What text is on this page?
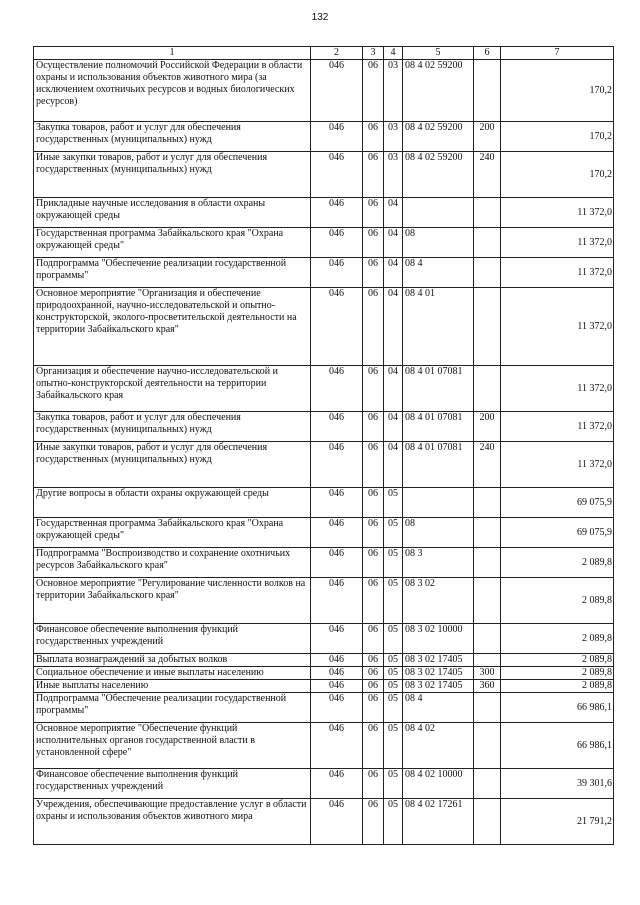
132
1	2	3	4	5	6	7
Осуществление полномочий Российской Федерации в области охраны и использования объектов животного мира (за исключением охотничьих ресурсов и водных биологических ресурсов)	046	06	03	08 4 02 59200		170,2
Закупка товаров, работ и услуг для обеспечения государственных (муниципальных) нужд	046	06	03	08 4 02 59200	200	170,2
Иные закупки товаров, работ и услуг для обеспечения государственных (муниципальных) нужд	046	06	03	08 4 02 59200	240	170,2
Прикладные научные исследования в области охраны окружающей среды	046	06	04			11 372,0
Государственная программа Забайкальского края "Охрана окружающей среды"	046	06	04	08		11 372,0
Подпрограмма "Обеспечение реализации государственной программы"	046	06	04	08 4		11 372,0
Основное мероприятие "Организация и обеспечение природоохранной, научно-исследовательской и опытно-конструкторской, эколого-просветительской деятельности на территории Забайкальского края"	046	06	04	08 4 01		11 372,0
Организация и обеспечение научно-исследовательской и опытно-конструкторской деятельности на территории Забайкальского края	046	06	04	08 4 01 07081		11 372,0
Закупка товаров, работ и услуг для обеспечения государственных (муниципальных) нужд	046	06	04	08 4 01 07081	200	11 372,0
Иные закупки товаров, работ и услуг для обеспечения государственных (муниципальных) нужд	046	06	04	08 4 01 07081	240	11 372,0
Другие вопросы в области охраны окружающей среды	046	06	05			69 075,9
Государственная программа Забайкальского края "Охрана окружающей среды"	046	06	05	08		69 075,9
Подпрограмма "Воспроизводство и сохранение охотничьих ресурсов Забайкальского края"	046	06	05	08 3		2 089,8
Основное мероприятие "Регулирование численности волков на территории Забайкальского края"	046	06	05	08 3 02		2 089,8
Финансовое обеспечение выполнения функций государственных учреждений	046	06	05	08 3 02 10000		2 089,8
Выплата вознаграждений за добытых волков	046	06	05	08 3 02 17405		2 089,8
Социальное обеспечение и иные выплаты населению	046	06	05	08 3 02 17405	300	2 089,8
Иные выплаты населению	046	06	05	08 3 02 17405	360	2 089,8
Подпрограмма "Обеспечение реализации государственной программы"	046	06	05	08 4		66 986,1
Основное мероприятие "Обеспечение функций исполнительных органов государственной власти в установленной сфере"	046	06	05	08 4 02		66 986,1
Финансовое обеспечение выполнения функций государственных учреждений	046	06	05	08 4 02 10000		39 301,6
Учреждения, обеспечивающие предоставление услуг в области охраны и использования объектов животного мира	046	06	05	08 4 02 17261		21 791,2
